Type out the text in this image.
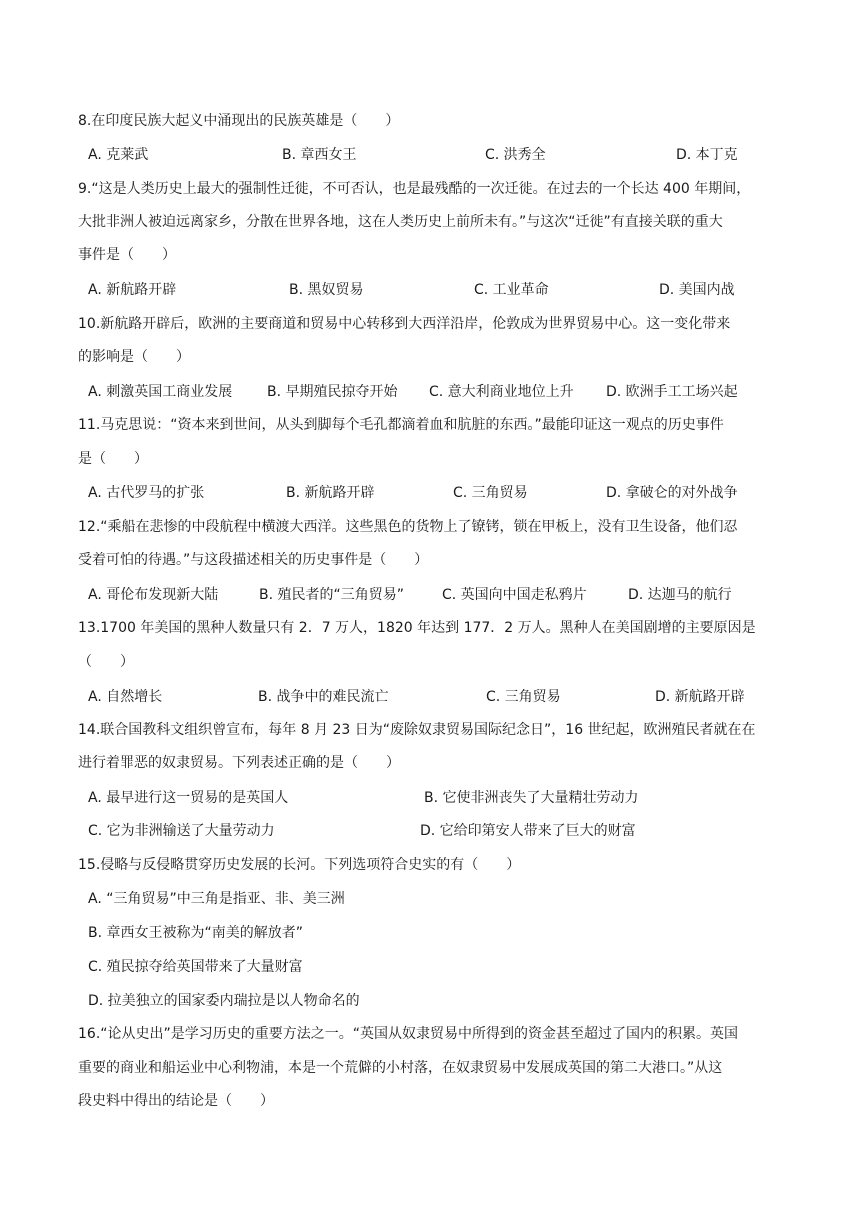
8.在印度民族大起义中涌现出的民族英雄是（　　）
A. 克莱武	B. 章西女王	C. 洪秀全	D. 本丁克
9.“这是人类历史上最大的强制性迁徙，不可否认，也是最残酷的一次迁徙。在过去的一个长达 400 年期间，
大批非洲人被迫远离家乡，分散在世界各地，这在人类历史上前所未有。”与这次“迁徙”有直接关联的重大
事件是（　　）
A. 新航路开辟	B. 黑奴贸易	C. 工业革命	D. 美国内战
10.新航路开辟后，欧洲的主要商道和贸易中心转移到大西洋沿岸，伦敦成为世界贸易中心。这一变化带来
的影响是（　　）
A. 刺激英国工商业发展 B. 早期殖民掠夺开始 C. 意大利商业地位上升 D. 欧洲手工工场兴起
11.马克思说：“资本来到世间，从头到脚每个毛孔都滴着血和肮脏的东西。”最能印证这一观点的历史事件
是（　　）
A. 古代罗马的扩张	B. 新航路开辟	C. 三角贸易	D. 拿破仑的对外战争
12.“乘船在悲惨的中段航程中横渡大西洋。这些黑色的货物上了镣铐，锁在甲板上，没有卫生设备，他们忍
受着可怕的待遇。”与这段描述相关的历史事件是（　　）
A. 哥伦布发现新大陆	B. 殖民者的“三角贸易”	C. 英国向中国走私鸦片	D. 达迦马的航行
13.1700 年美国的黑种人数量只有 2．7 万人，1820 年达到 177．2 万人。黑种人在美国剧增的主要原因是
（　　）
A. 自然增长	B. 战争中的难民流亡	C. 三角贸易	D. 新航路开辟
14.联合国教科文组织曾宣布，每年 8 月 23 日为“废除奴隶贸易国际纪念日”，16 世纪起，欧洲殖民者就在在
进行着罪恶的奴隶贸易。下列表述正确的是（　　）
A. 最早进行这一贸易的是英国人	B. 它使非洲丧失了大量精壮劳动力
C. 它为非洲输送了大量劳动力	D. 它给印第安人带来了巨大的财富
15.侵略与反侵略贯穿历史发展的长河。下列选项符合史实的有（　　）
A. “三角贸易”中三角是指亚、非、美三洲
B. 章西女王被称为“南美的解放者”
C. 殖民掠夺给英国带来了大量财富
D. 拉美独立的国家委内瑞拉是以人物命名的
16.“论从史出”是学习历史的重要方法之一。“英国从奴隶贸易中所得到的资金甚至超过了国内的积累。英国
重要的商业和船运业中心利物浦，本是一个荒僻的小村落，在奴隶贸易中发展成英国的第二大港口。”从这
段史料中得出的结论是（　　）
